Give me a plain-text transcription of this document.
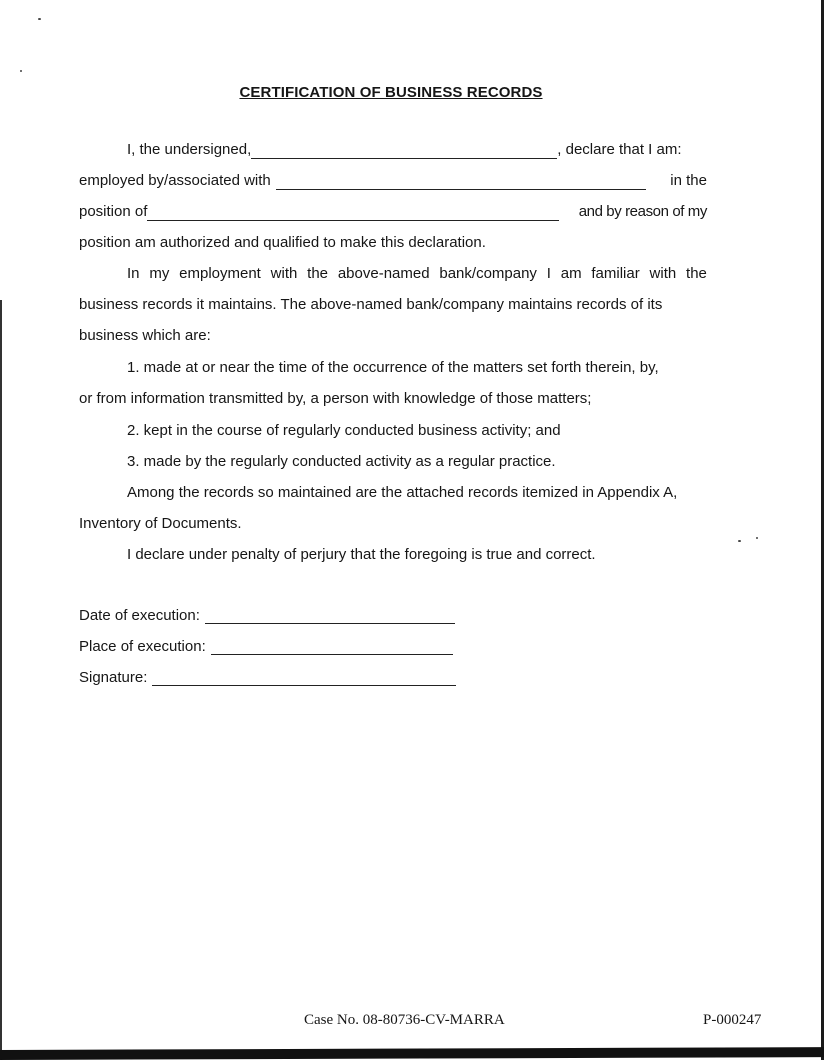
CERTIFICATION OF BUSINESS RECORDS
I, the undersigned,	, declare that I am:
employed by/associated with	in the
position of	and by reason of my
position am authorized and qualified to make this declaration.
In my employment with the above-named bank/company I am familiar with the
business records it maintains. The above-named bank/company maintains records of its
business which are:
1. made at or near the time of the occurrence of the matters set forth therein, by,
or from information transmitted by, a person with knowledge of those matters;
2. kept in the course of regularly conducted business activity; and
3. made by the regularly conducted activity as a regular practice.
Among the records so maintained are the attached records itemized in Appendix A,
Inventory of Documents.
I declare under penalty of perjury that the foregoing is true and correct.
Date of execution:
Place of execution:
Signature:
Case No. 08-80736-CV-MARRA	P-000247
